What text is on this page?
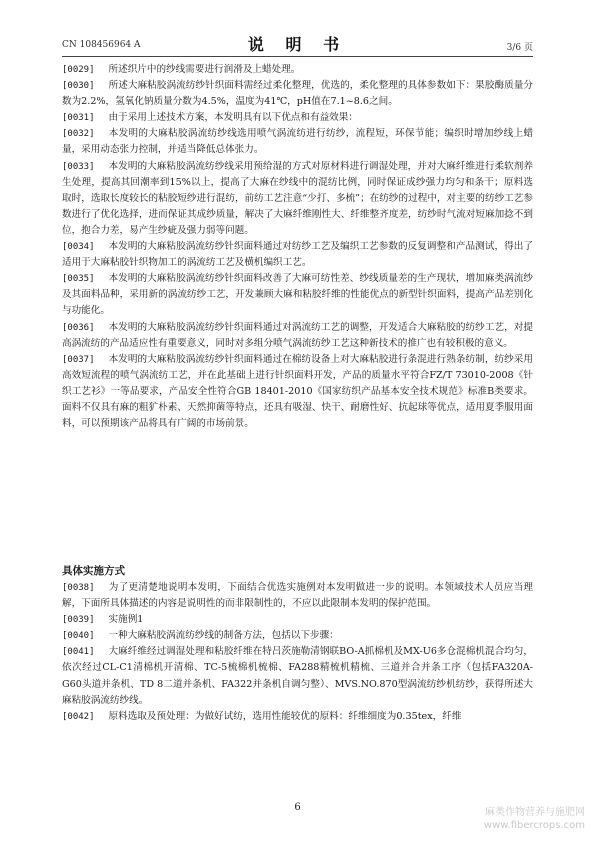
CN 108456964 A	说 明 书	3/6 页

[0029] 所述织片中的纱线需要进行润滑及上蜡处理。

[0030] 所述大麻粘胶涡流纺纱针织面料需经过柔化整理，优选的，柔化整理的具体参数如下：果胶酶质量分数为2.2%，氢氧化钠质量分数为4.5%，温度为41℃，pH值在7.1~8.6之间。

[0031] 由于采用上述技术方案，本发明具有以下优点和有益效果：

[0032] 本发明的大麻粘胶涡流纺纱线选用喷气涡流纺进行纺纱，流程短，环保节能；编织时增加纱线上蜡量，采用动态张力控制，并适当降低总体张力。

[0033] 本发明的大麻粘胶涡流纺纱线采用预给湿的方式对原材料进行调湿处理，并对大麻纤维进行柔软剂养生处理，提高其回潮率到15%以上，提高了大麻在纱线中的混纺比例，同时保证成纱强力均匀和条干；原料选取时，选取长度较长的粘胶短纱进行混纺，前纺工艺注意“少打、多梳”；在纺纱的过程中，对主要的纺纱工艺参数进行了优化选择，进而保证其成纱质量，解决了大麻纤维刚性大、纤维整齐度差，纺纱时气流对短麻加捻不到位，抱合力差，易产生纱疵及强力弱等问题。

[0034] 本发明的大麻粘胶涡流纺纱针织面料通过对纺纱工艺及编织工艺参数的反复调整和产品测试，得出了适用于大麻粘胶针织物加工的涡流纺工艺及横机编织工艺。

[0035] 本发明的大麻粘胶涡流纺纱针织面料改善了大麻可纺性差、纱线质量差的生产现状，增加麻类涡流纱及其面料品种，采用新的涡流纺纱工艺，开发兼顾大麻和粘胶纤维的性能优点的新型针织面料，提高产品差别化与功能化。

[0036] 本发明的大麻粘胶涡流纺纱针织面料通过对涡流纺工艺的调整，开发适合大麻粘胶的纺纱工艺，对提高涡流纺的产品适应性有重要意义，同时对多组分喷气涡流纺纱工艺这种新技术的推广也有较积极的意义。

[0037] 本发明的大麻粘胶涡流纺纱针织面料通过在棉纺设备上对大麻粘胶进行条混进行熟条纺制，纺纱采用高效短流程的喷气涡流纺工艺，并在此基础上进行针织面料开发，产品的质量水平符合FZ/T 73010-2008《针织工艺衫》一等品要求，产品安全性符合GB 18401-2010《国家纺织产品基本安全技术规范》标准B类要求。面料不仅具有麻的粗犷朴素、天然抑菌等特点，还具有吸湿、快干、耐磨性好、抗起球等优点，适用夏季服用面料，可以预期该产品将具有广阔的市场前景。

具体实施方式

[0038] 为了更清楚地说明本发明，下面结合优选实施例对本发明做进一步的说明。本领域技术人员应当理解，下面所具体描述的内容是说明性的而非限制性的，不应以此限制本发明的保护范围。

[0039] 实施例1

[0040] 一种大麻粘胶涡流纺纱线的制备方法，包括以下步骤：

[0041] 大麻纤维经过调湿处理和粘胶纤维在特吕茨施勒清钢联BO-A抓棉机及MX-U6多仓混棉机混合均匀，依次经过CL-C1清棉机开清棉、TC-5梳棉机梳棉、FA288精梳机精梳、三道并合并条工序（包括FA320A-G60头道并条机、TD 8二道并条机、FA322并条机自调匀整）、MVS.NO.870型涡流纺纱机纺纱，获得所述大麻粘胶涡流纺纱线。

[0042] 原料选取及预处理：为做好试纺，选用性能较优的原料：纤维细度为0.35tex，纤维

6	麻类作物营养与施肥网
www.fibercrops.com
